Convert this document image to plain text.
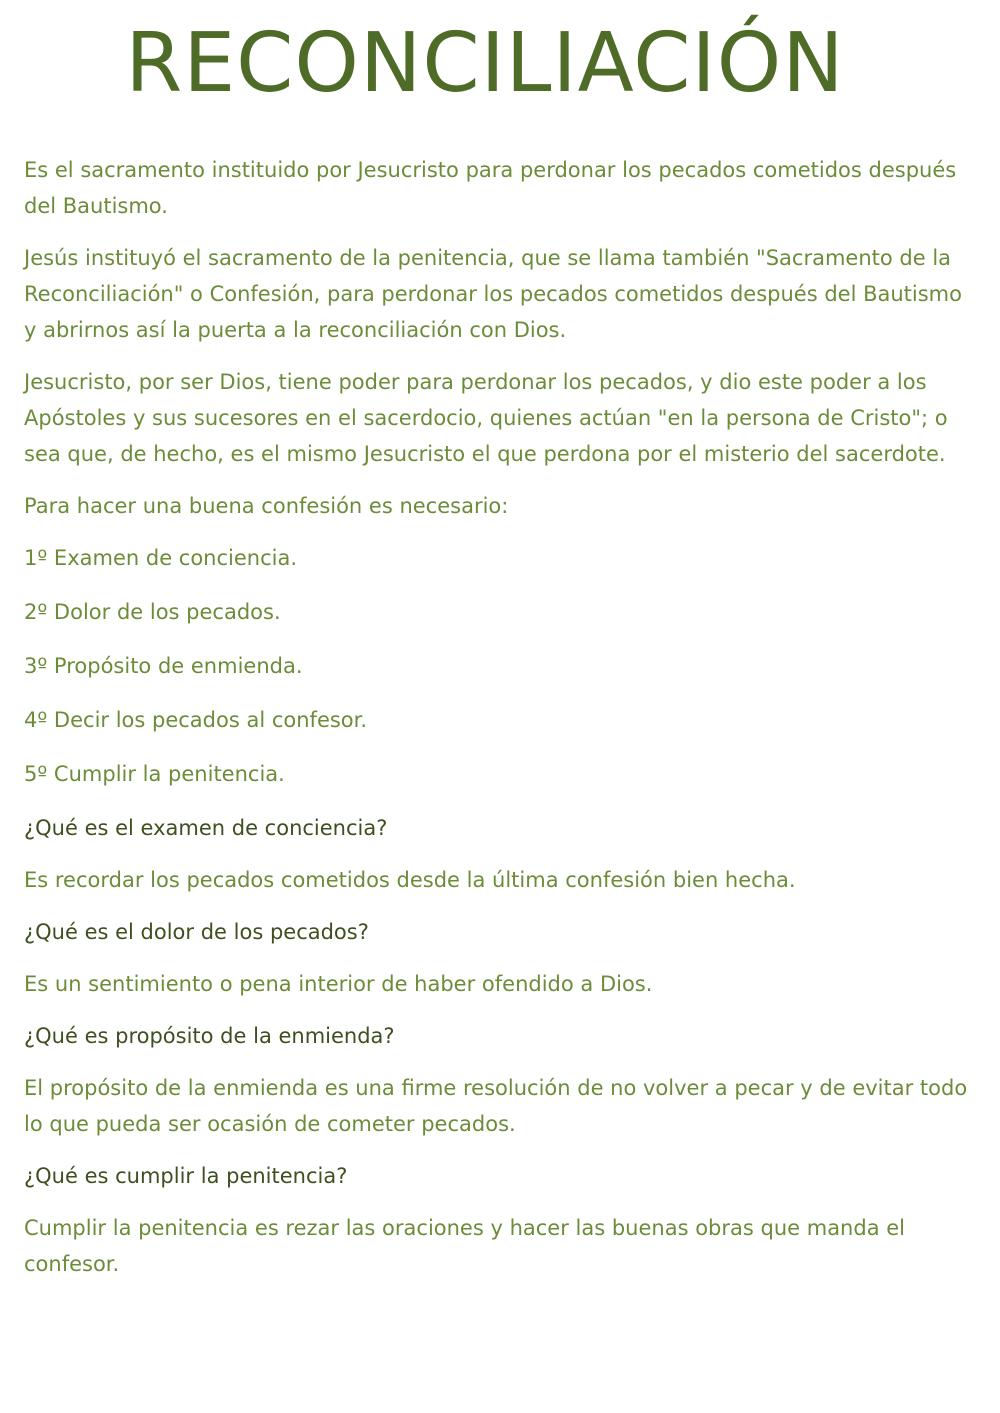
RECONCILIACIÓN

Es el sacramento instituido por Jesucristo para perdonar los pecados cometidos después del Bautismo.

Jesús instituyó el sacramento de la penitencia, que se llama también "Sacramento de la Reconciliación" o Confesión, para perdonar los pecados cometidos después del Bautismo y abrirnos así la puerta a la reconciliación con Dios.

Jesucristo, por ser Dios, tiene poder para perdonar los pecados, y dio este poder a los Apóstoles y sus sucesores en el sacerdocio, quienes actúan "en la persona de Cristo"; o sea que, de hecho, es el mismo Jesucristo el que perdona por el misterio del sacerdote.

Para hacer una buena confesión es necesario:

1º Examen de conciencia.

2º Dolor de los pecados.

3º Propósito de enmienda.

4º Decir los pecados al confesor.

5º Cumplir la penitencia.

¿Qué es el examen de conciencia?

Es recordar los pecados cometidos desde la última confesión bien hecha.

¿Qué es el dolor de los pecados?

Es un sentimiento o pena interior de haber ofendido a Dios.

¿Qué es propósito de la enmienda?

El propósito de la enmienda es una firme resolución de no volver a pecar y de evitar todo lo que pueda ser ocasión de cometer pecados.

¿Qué es cumplir la penitencia?

Cumplir la penitencia es rezar las oraciones y hacer las buenas obras que manda el confesor.
